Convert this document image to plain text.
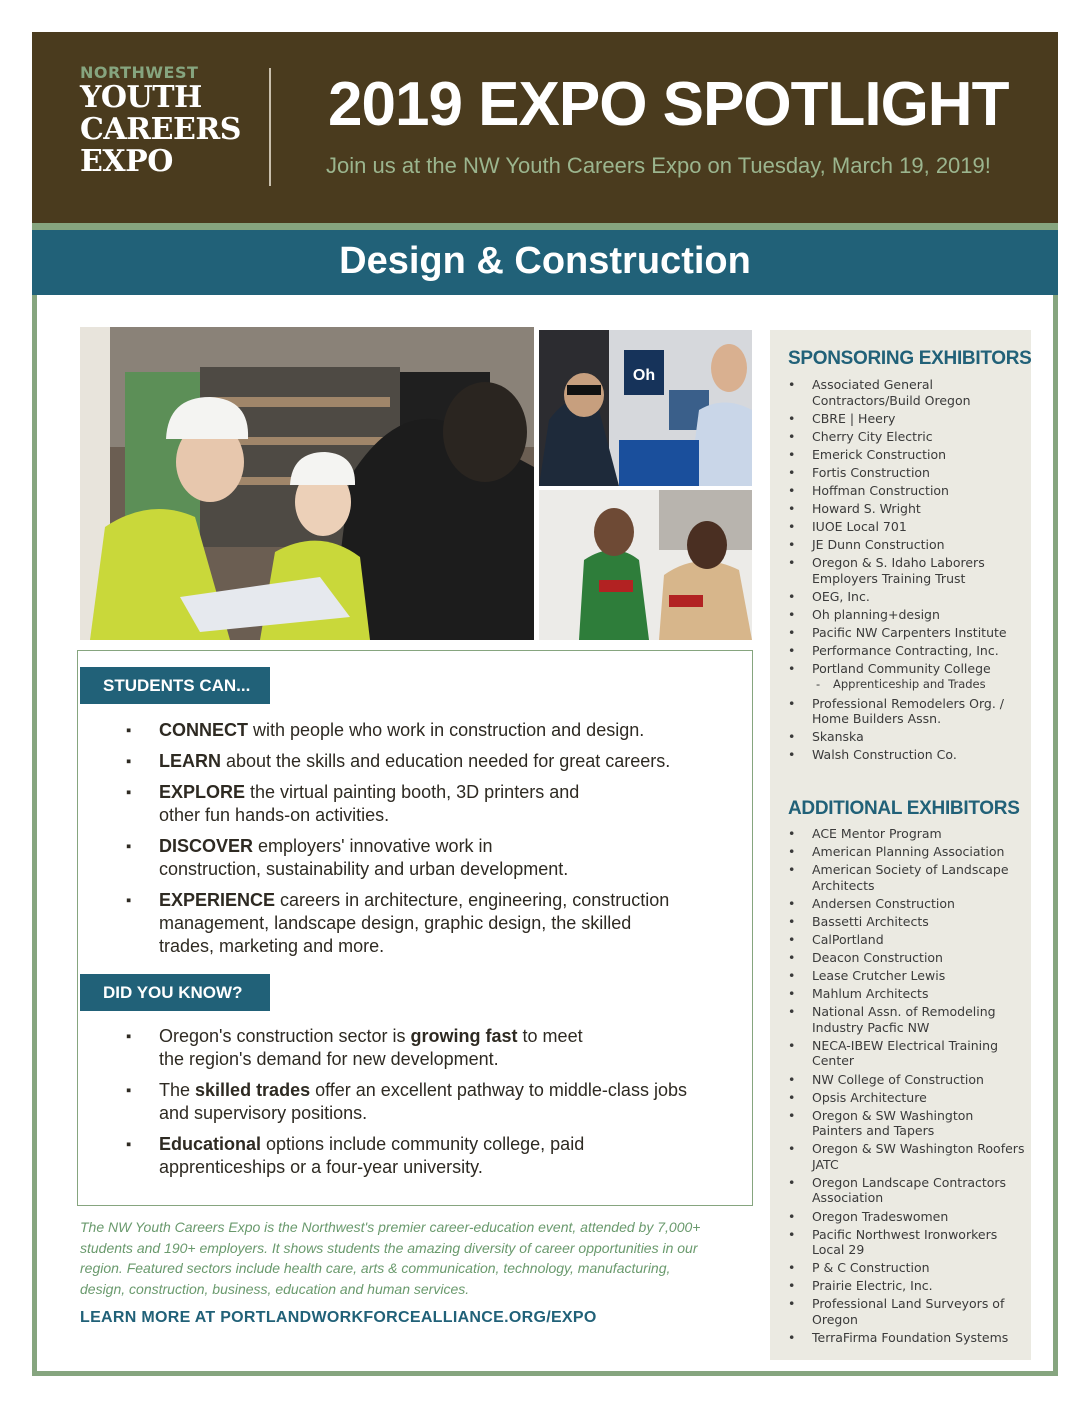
NORTHWEST
YOUTH
CAREERS
EXPO
2019 EXPO SPOTLIGHT
Join us at the NW Youth Careers Expo on Tuesday, March 19, 2019!
Design & Construction
Oh
STUDENTS CAN...
▪ CONNECT with people who work in construction and design.
▪ LEARN about the skills and education needed for great careers.
▪ EXPLORE the virtual painting booth, 3D printers and other fun hands-on activities.
▪ DISCOVER employers' innovative work in construction, sustainability and urban development.
▪ EXPERIENCE careers in architecture, engineering, construction management, landscape design, graphic design, the skilled trades, marketing and more.
DID YOU KNOW?
▪ Oregon's construction sector is growing fast to meet the region's demand for new development.
▪ The skilled trades offer an excellent pathway to middle-class jobs and supervisory positions.
▪ Educational options include community college, paid apprenticeships or a four-year university.
The NW Youth Careers Expo is the Northwest's premier career-education event, attended by 7,000+ students and 190+ employers. It shows students the amazing diversity of career opportunities in our region. Featured sectors include health care, arts & communication, technology, manufacturing, design, construction, business, education and human services.
LEARN MORE AT PORTLANDWORKFORCEALLIANCE.ORG/EXPO
SPONSORING EXHIBITORS
• Associated General Contractors/Build Oregon
• CBRE | Heery
• Cherry City Electric
• Emerick Construction
• Fortis Construction
• Hoffman Construction
• Howard S. Wright
• IUOE Local 701
• JE Dunn Construction
• Oregon & S. Idaho Laborers Employers Training Trust
• OEG, Inc.
• Oh planning+design
• Pacific NW Carpenters Institute
• Performance Contracting, Inc.
• Portland Community College
- Apprenticeship and Trades
• Professional Remodelers Org. / Home Builders Assn.
• Skanska
• Walsh Construction Co.
ADDITIONAL EXHIBITORS
• ACE Mentor Program
• American Planning Association
• American Society of Landscape Architects
• Andersen Construction
• Bassetti Architects
• CalPortland
• Deacon Construction
• Lease Crutcher Lewis
• Mahlum Architects
• National Assn. of Remodeling Industry Pacfic NW
• NECA-IBEW Electrical Training Center
• NW College of Construction
• Opsis Architecture
• Oregon & SW Washington Painters and Tapers
• Oregon & SW Washington Roofers JATC
• Oregon Landscape Contractors Association
• Oregon Tradeswomen
• Pacific Northwest Ironworkers Local 29
• P & C Construction
• Prairie Electric, Inc.
• Professional Land Surveyors of Oregon
• TerraFirma Foundation Systems
